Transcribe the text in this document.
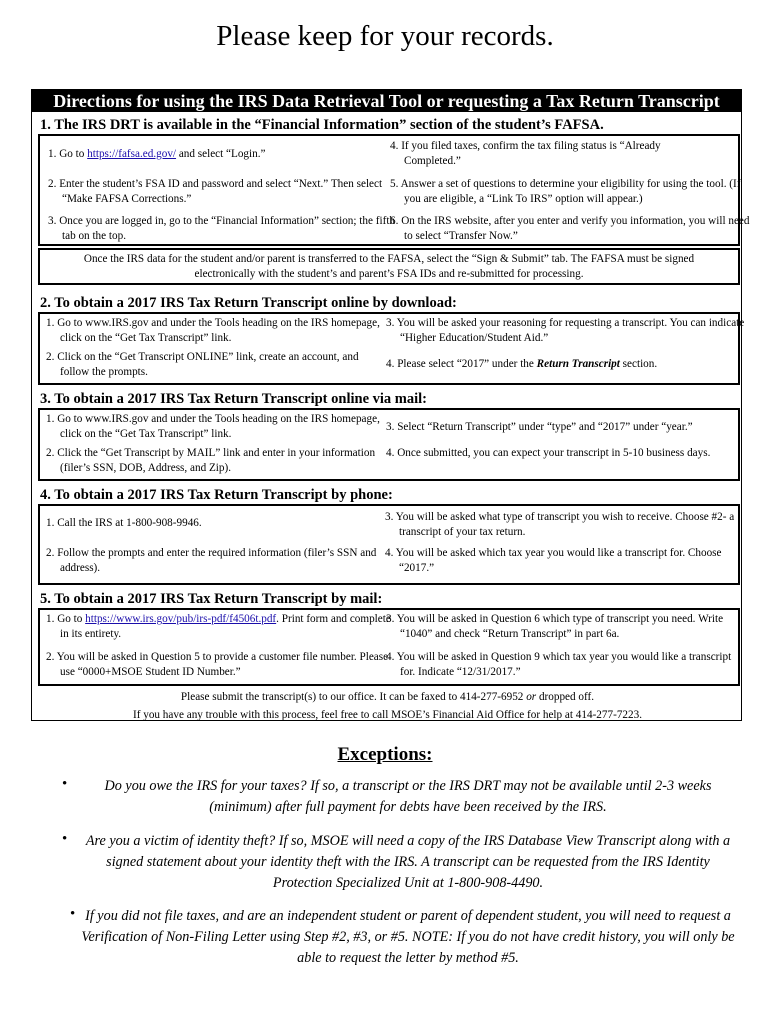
Please keep for your records.
Directions for using the IRS Data Retrieval Tool or requesting a Tax Return Transcript
1. The IRS DRT is available in the “Financial Information” section of the student’s FAFSA.
1. Go to https://fafsa.ed.gov/ and select “Login.”
2. Enter the student’s FSA ID and password and select “Next.” Then select “Make FAFSA Corrections.”
3. Once you are logged in, go to the “Financial Information” section; the fifth tab on the top.
4. If you filed taxes, confirm the tax filing status is “Already Completed.”
5. Answer a set of questions to determine your eligibility for using the tool. (If you are eligible, a “Link To IRS” option will appear.)
6. On the IRS website, after you enter and verify you information, you will need to select “Transfer Now.”
Once the IRS data for the student and/or parent is transferred to the FAFSA, select the “Sign & Submit” tab. The FAFSA must be signed electronically with the student’s and parent’s FSA IDs and re-submitted for processing.
2. To obtain a 2017 IRS Tax Return Transcript online by download:
1. Go to www.IRS.gov and under the Tools heading on the IRS homepage, click on the “Get Tax Transcript” link.
2. Click on the “Get Transcript ONLINE” link, create an account, and follow the prompts.
3. You will be asked your reasoning for requesting a transcript. You can indicate “Higher Education/Student Aid.”
4. Please select “2017” under the Return Transcript section.
3. To obtain a 2017 IRS Tax Return Transcript online via mail:
1. Go to www.IRS.gov and under the Tools heading on the IRS homepage, click on the “Get Tax Transcript” link.
2. Click the “Get Transcript by MAIL” link and enter in your information (filer’s SSN, DOB, Address, and Zip).
3. Select “Return Transcript” under “type” and “2017” under “year.”
4. Once submitted, you can expect your transcript in 5-10 business days.
4. To obtain a 2017 IRS Tax Return Transcript by phone:
1. Call the IRS at 1-800-908-9946.
2. Follow the prompts and enter the required information (filer’s SSN and address).
3. You will be asked what type of transcript you wish to receive. Choose #2- a transcript of your tax return.
4. You will be asked which tax year you would like a transcript for. Choose “2017.”
5. To obtain a 2017 IRS Tax Return Transcript by mail:
1. Go to https://www.irs.gov/pub/irs-pdf/f4506t.pdf. Print form and complete in its entirety.
2. You will be asked in Question 5 to provide a customer file number. Please use “0000+MSOE Student ID Number.”
3. You will be asked in Question 6 which type of transcript you need. Write “1040” and check “Return Transcript” in part 6a.
4. You will be asked in Question 9 which tax year you would like a transcript for. Indicate “12/31/2017.”
Please submit the transcript(s) to our office. It can be faxed to 414-277-6952 or dropped off.
If you have any trouble with this process, feel free to call MSOE’s Financial Aid Office for help at 414-277-7223.
Exceptions:
•	Do you owe the IRS for your taxes? If so, a transcript or the IRS DRT may not be available until 2-3 weeks (minimum) after full payment for debts have been received by the IRS.
•	Are you a victim of identity theft? If so, MSOE will need a copy of the IRS Database View Transcript along with a signed statement about your identity theft with the IRS. A transcript can be requested from the IRS Identity Protection Specialized Unit at 1-800-908-4490.
• If you did not file taxes, and are an independent student or parent of dependent student, you will need to request a Verification of Non-Filing Letter using Step #2, #3, or #5. NOTE: If you do not have credit history, you will only be able to request the letter by method #5.
